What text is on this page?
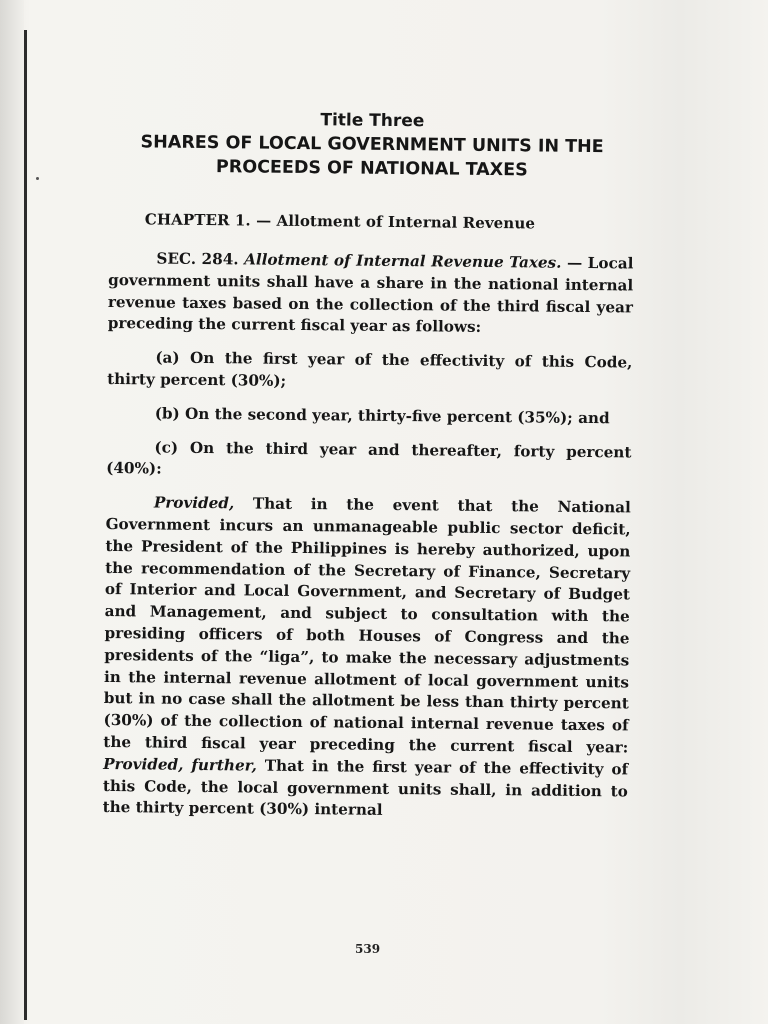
Title Three
SHARES OF LOCAL GOVERNMENT UNITS IN THE
PROCEEDS OF NATIONAL TAXES
CHAPTER 1. — Allotment of Internal Revenue

SEC. 284. Allotment of Internal Revenue Taxes. — Local government units shall have a share in the national internal revenue taxes based on the collection of the third fiscal year preceding the current fiscal year as follows:

(a) On the first year of the effectivity of this Code, thirty percent (30%);

(b) On the second year, thirty-five percent (35%); and

(c) On the third year and thereafter, forty percent (40%):

Provided, That in the event that the National Government incurs an unmanageable public sector deficit, the President of the Philippines is hereby authorized, upon the recommendation of the Secretary of Finance, Secretary of Interior and Local Government, and Secretary of Budget and Management, and subject to consultation with the presiding officers of both Houses of Congress and the presidents of the “liga”, to make the necessary adjustments in the internal revenue allotment of local government units but in no case shall the allotment be less than thirty percent (30%) of the collection of national internal revenue taxes of the third fiscal year preceding the current fiscal year: Provided, further, That in the first year of the effectivity of this Code, the local government units shall, in addition to the thirty percent (30%) internal

539
